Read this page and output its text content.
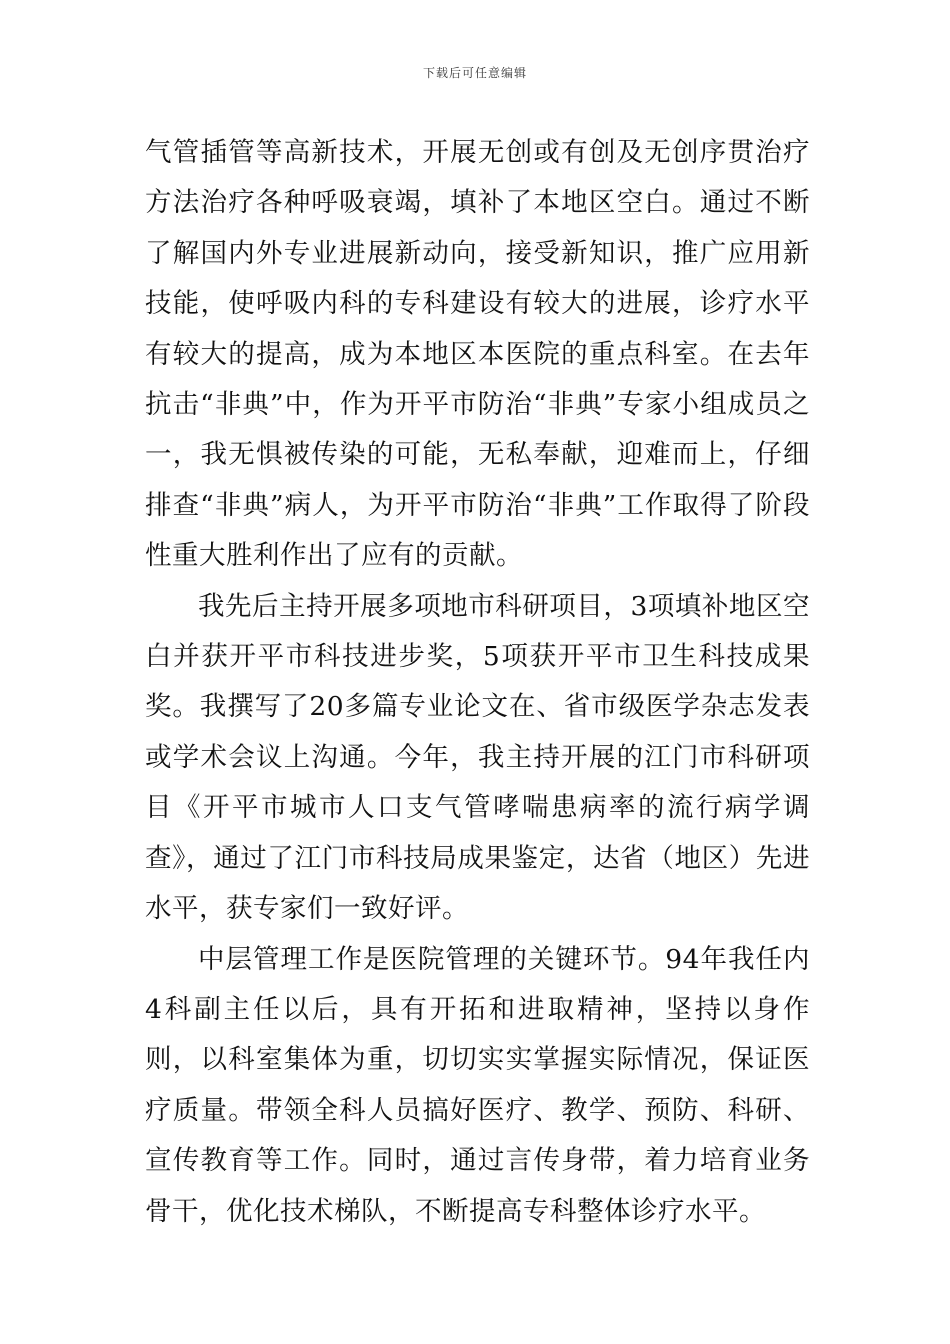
下载后可任意编辑

气管插管等高新技术，开展无创或有创及无创序贯治疗方法治疗各种呼吸衰竭，填补了本地区空白。通过不断了解国内外专业进展新动向，接受新知识，推广应用新技能，使呼吸内科的专科建设有较大的进展，诊疗水平有较大的提高，成为本地区本医院的重点科室。在去年抗击“非典”中，作为开平市防治“非典”专家小组成员之一，我无惧被传染的可能，无私奉献，迎难而上，仔细排查“非典”病人，为开平市防治“非典”工作取得了阶段性重大胜利作出了应有的贡献。

我先后主持开展多项地市科研项目，3项填补地区空白并获开平市科技进步奖，5项获开平市卫生科技成果奖。我撰写了20多篇专业论文在、省市级医学杂志发表或学术会议上沟通。今年，我主持开展的江门市科研项目《开平市城市人口支气管哮喘患病率的流行病学调查》，通过了江门市科技局成果鉴定，达省（地区）先进水平，获专家们一致好评。

中层管理工作是医院管理的关键环节。94年我任内4科副主任以后，具有开拓和进取精神，坚持以身作则，以科室集体为重，切切实实掌握实际情况，保证医疗质量。带领全科人员搞好医疗、教学、预防、科研、宣传教育等工作。同时，通过言传身带，着力培育业务骨干，优化技术梯队，不断提高专科整体诊疗水平。
